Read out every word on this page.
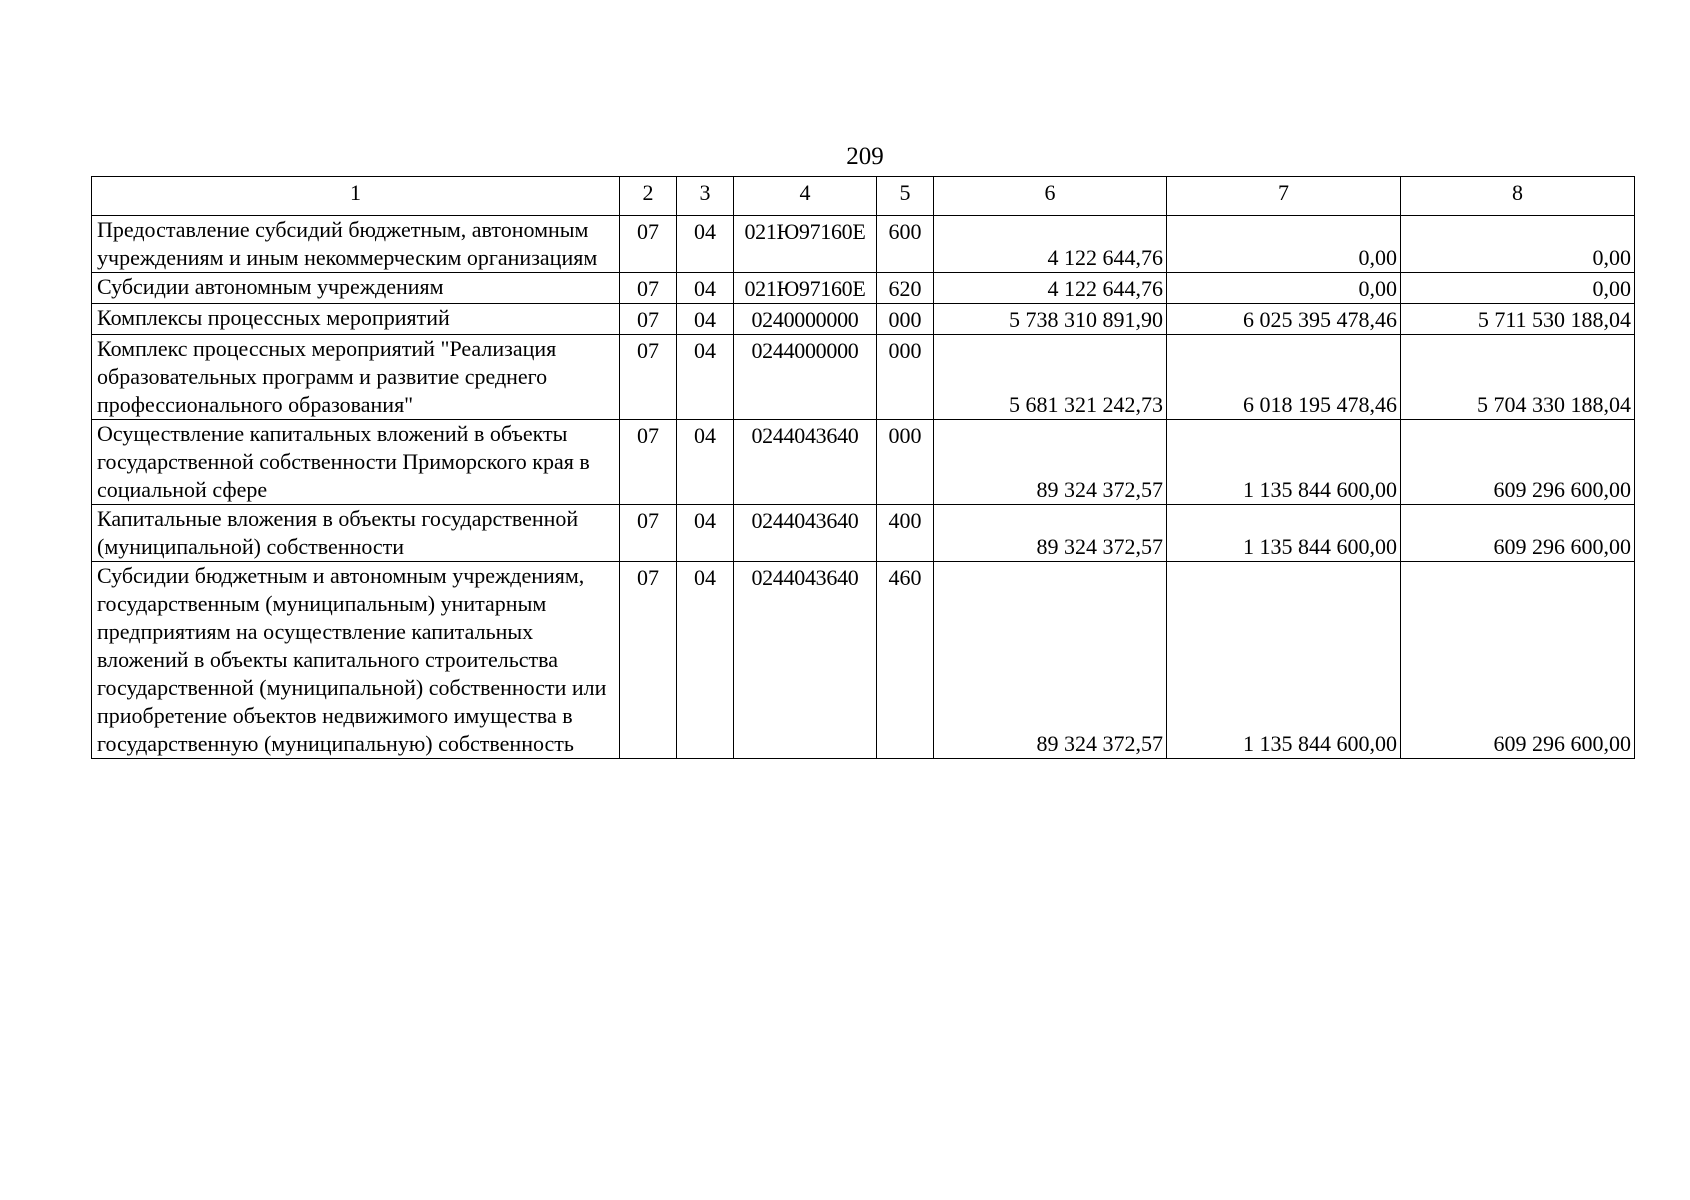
209
1	2	3	4	5	6	7	8
Предоставление субсидий бюджетным, автономным учреждениям и иным некоммерческим организациям	07	04	021Ю97160Е	600	4 122 644,76	0,00	0,00
Субсидии автономным учреждениям	07	04	021Ю97160Е	620	4 122 644,76	0,00	0,00
Комплексы процессных мероприятий	07	04	0240000000	000	5 738 310 891,90	6 025 395 478,46	5 711 530 188,04
Комплекс процессных мероприятий "Реализация образовательных программ и развитие среднего профессионального образования"	07	04	0244000000	000	5 681 321 242,73	6 018 195 478,46	5 704 330 188,04
Осуществление капитальных вложений в объекты государственной собственности Приморского края в социальной сфере	07	04	0244043640	000	89 324 372,57	1 135 844 600,00	609 296 600,00
Капитальные вложения в объекты государственной (муниципальной) собственности	07	04	0244043640	400	89 324 372,57	1 135 844 600,00	609 296 600,00
Субсидии бюджетным и автономным учреждениям, государственным (муниципальным) унитарным предприятиям на осуществление капитальных вложений в объекты капитального строительства государственной (муниципальной) собственности или приобретение объектов недвижимого имущества в государственную (муниципальную) собственность	07	04	0244043640	460	89 324 372,57	1 135 844 600,00	609 296 600,00
